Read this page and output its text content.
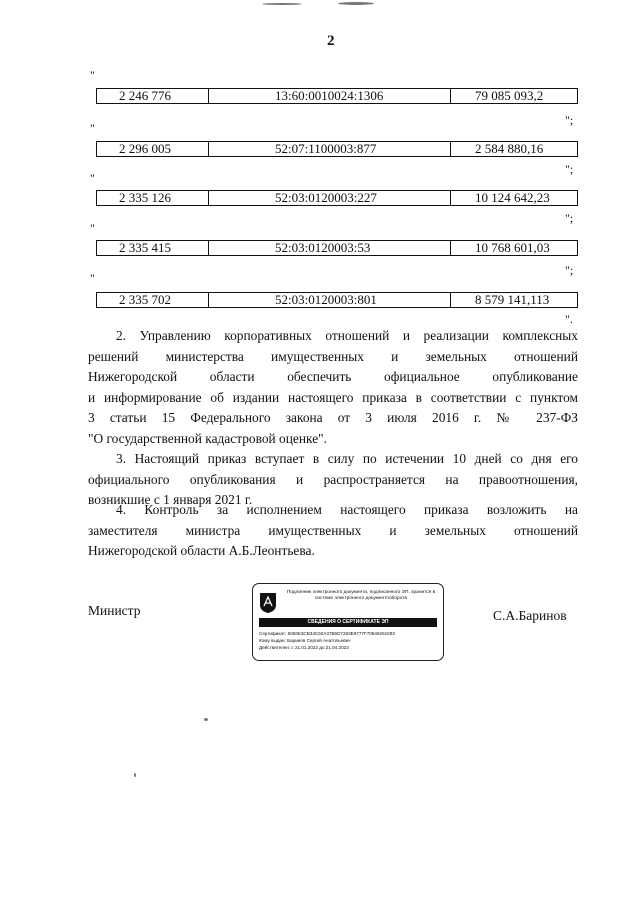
2
"
2 246 776	13:60:0010024:1306	79 085 093,2
";
"
2 296 005	52:07:1100003:877	2 584 880,16
";
"
2 335 126	52:03:0120003:227	10 124 642,23
";
"
2 335 415	52:03:0120003:53	10 768 601,03
";
"
2 335 702	52:03:0120003:801	8 579 141,113
".
2. Управлению корпоративных отношений и реализации комплексных
решений министерства имущественных и земельных отношений
Нижегородской области обеспечить официальное опубликование
и информирование об издании настоящего приказа в соответствии с пунктом
3 статьи 15 Федерального закона от 3 июля 2016 г. № 237-ФЗ
"О государственной кадастровой оценке".
3. Настоящий приказ вступает в силу по истечении 10 дней со дня его
официального опубликования и распространяется на правоотношения,
возникшие с 1 января 2021 г.
4. Контроль за исполнением настоящего приказа возложить на
заместителя министра имущественных и земельных отношений
Нижегородской области А.Б.Леонтьева.
Министр	С.А.Баринов
Подлинник электронного документа, подписанного ЭП, хранится в системе электронного документооборота
СВЕДЕНИЯ О СЕРТИФИКАТЕ ЭП
Сертификат: 5056E3CB34C50A37B6D7293E9777F70946261083
Кому выдан: Баринов Сергей Анатольевич
Действителен: с 21.01.2022 до 21.04.2023
